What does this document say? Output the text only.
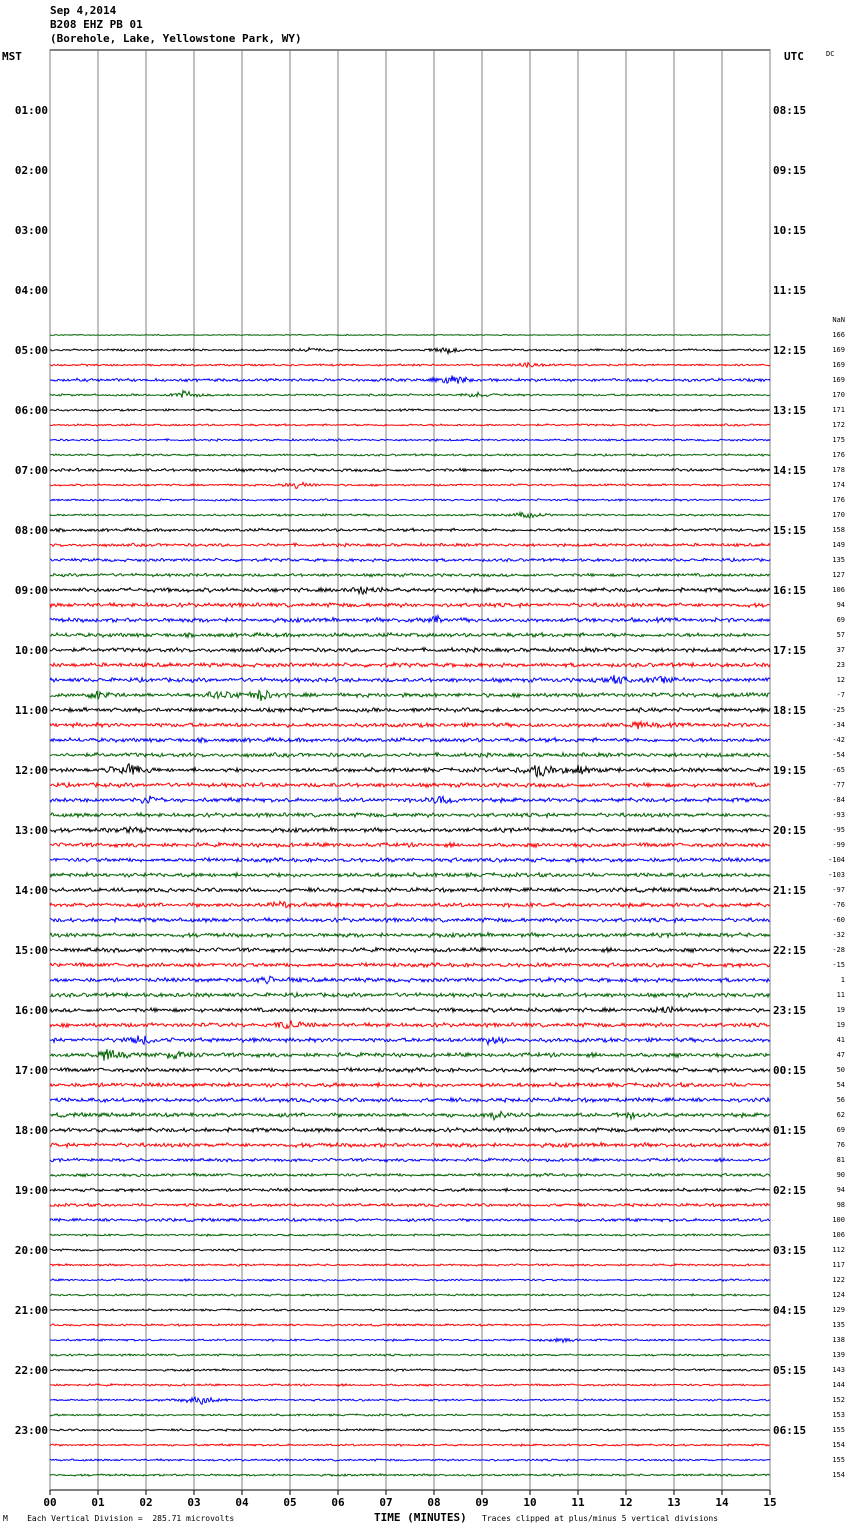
Sep 4,2014
B208 EHZ PB 01
(Borehole, Lake, Yellowstone Park, WY)
MST	UTC	DC
00	01	02	03	04	05	06	07	08	09	10	11	12	13	14	15
01:00
02:00
03:00
04:00
05:00
06:00
07:00
08:00
09:00
10:00
11:00
12:00
13:00
14:00
15:00
16:00
17:00
18:00
19:00
20:00
21:00
22:00
23:00
08:15
09:15
10:15
11:15
12:15
13:15
14:15
15:15
16:15
17:15
18:15
19:15
20:15
21:15
22:15
23:15
00:15
01:15
02:15
03:15
04:15
05:15
06:15
NaN
166
169
169
169
170
171
172
175
176
178
174
176
170
158
149
135
127
106
94
69
57
37
23
12
-7
-25
-34
-42
-54
-65
-77
-84
-93
-95
-99
-104
-103
-97
-76
-60
-32
-28
-15
1
11
19
19
41
47
50
54
56
62
69
76
81
90
94
98
100
106
112
117
122
124
129
135
138
139
143
144
152
153
155
154
155
154
M Each Vertical Division =  285.71 microvolts	TIME (MINUTES) Traces clipped at plus/minus 5 vertical divisions
